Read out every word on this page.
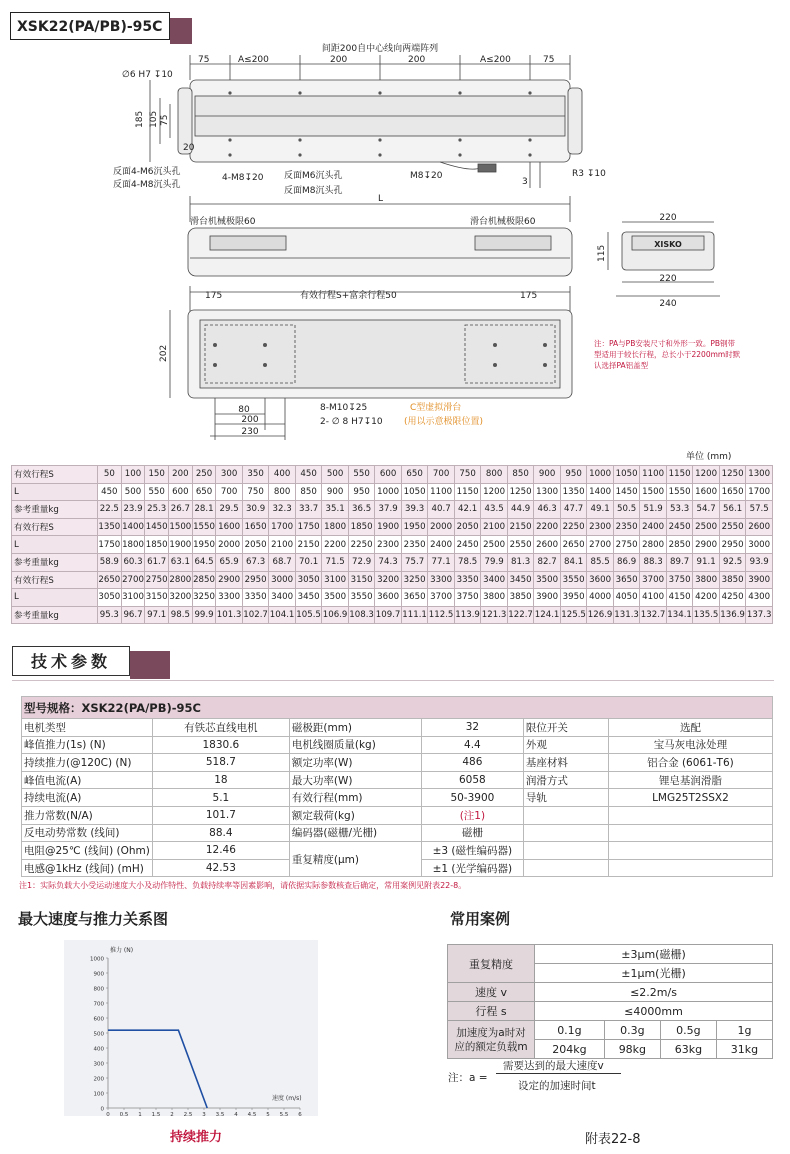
XSK22(PA/PB)-95C
间距200自中心线向两端阵列
75	A≤200	200	200	A≤200	75
∅6 H7 ↧10
185 105 75
20
反面4-M6沉头孔
反面4-M8沉头孔
4-M8↧20 反面M6沉头孔
反面M8沉头孔
M8↧20
3
R3 ↧10
L
滑台机械极限60	滑台机械极限60	220
115
220
240
XISKO
175	有效行程S+富余行程50	175
202
80
200
230
8-M10↧25
2- ∅ 8 H7↧10
C型虚拟滑台
(用以示意极限位置)
注：PA与PB安装尺寸和外形一致。PB钢带型适用于较长行程，总长小于2200mm时默认选择PA铝盖型
单位 (mm)
有效行程S	50	100	150	200	250	300	350	400	450	500	550	600	650	700	750	800	850	900	950	1000	1050	1100	1150	1200	1250	1300
L	450	500	550	600	650	700	750	800	850	900	950	1000	1050	1100	1150	1200	1250	1300	1350	1400	1450	1500	1550	1600	1650	1700
参考重量kg	22.5	23.9	25.3	26.7	28.1	29.5	30.9	32.3	33.7	35.1	36.5	37.9	39.3	40.7	42.1	43.5	44.9	46.3	47.7	49.1	50.5	51.9	53.3	54.7	56.1	57.5
有效行程S	1350	1400	1450	1500	1550	1600	1650	1700	1750	1800	1850	1900	1950	2000	2050	2100	2150	2200	2250	2300	2350	2400	2450	2500	2550	2600
L	1750	1800	1850	1900	1950	2000	2050	2100	2150	2200	2250	2300	2350	2400	2450	2500	2550	2600	2650	2700	2750	2800	2850	2900	2950	3000
参考重量kg	58.9	60.3	61.7	63.1	64.5	65.9	67.3	68.7	70.1	71.5	72.9	74.3	75.7	77.1	78.5	79.9	81.3	82.7	84.1	85.5	86.9	88.3	89.7	91.1	92.5	93.9
有效行程S	2650	2700	2750	2800	2850	2900	2950	3000	3050	3100	3150	3200	3250	3300	3350	3400	3450	3500	3550	3600	3650	3700	3750	3800	3850	3900
L	3050	3100	3150	3200	3250	3300	3350	3400	3450	3500	3550	3600	3650	3700	3750	3800	3850	3900	3950	4000	4050	4100	4150	4200	4250	4300
参考重量kg	95.3	96.7	97.1	98.5	99.9	101.3	102.7	104.1	105.5	106.9	108.3	109.7	111.1	112.5	113.9	121.3	122.7	124.1	125.5	126.9	131.3	132.7	134.1	135.5	136.9	137.3
技术参数
型号规格：XSK22(PA/PB)-95C					
电机类型	有铁芯直线电机	磁极距(mm)	32	限位开关	选配
峰值推力(1s) (N)	1830.6	电机线圈质量(kg)	4.4	外观	宝马灰电泳处理
持续推力(@120C) (N)	518.7	额定功率(W)	486	基座材料	铝合金 (6061-T6)
峰值电流(A)	18	最大功率(W)	6058	润滑方式	锂皂基润滑脂
持续电流(A)	5.1	有效行程(mm)	50-3900	导轨	LMG25T2SSX2
推力常数(N/A)	101.7	额定载荷(kg)	(注1)		
反电动势常数 (线间)	88.4	编码器(磁栅/光栅)	磁栅		
电阻@25℃ (线间) (Ohm)	12.46	重复精度(μm)	±3 (磁性编码器)		
电感@1kHz (线间) (mH)	42.53		±1 (光学编码器)		
注1：实际负载大小受运动速度大小及动作特性、负载持续率等因素影响，请依据实际参数核查后确定，常用案例见附表22-8。
最大速度与推力关系图
0
100
200
300
400
500
600
700
800
900
1000
0 0.5 1 1.5 2 2.5 3 3.5 4 4.5 5 5.5 6
推力 (N)
速度 (m/s)
持续推力
常用案例
重复精度	±3μm(磁栅)			
	±1μm(光栅)			
速度 v	≤2.2m/s			
行程 s	≤4000mm			

加速度为a时对
应的额定负载m	0.1g	0.3g	0.5g	1g
	204kg	98kg	63kg	31kg
注：a =
需要达到的最大速度v
设定的加速时间t
附表22-8
